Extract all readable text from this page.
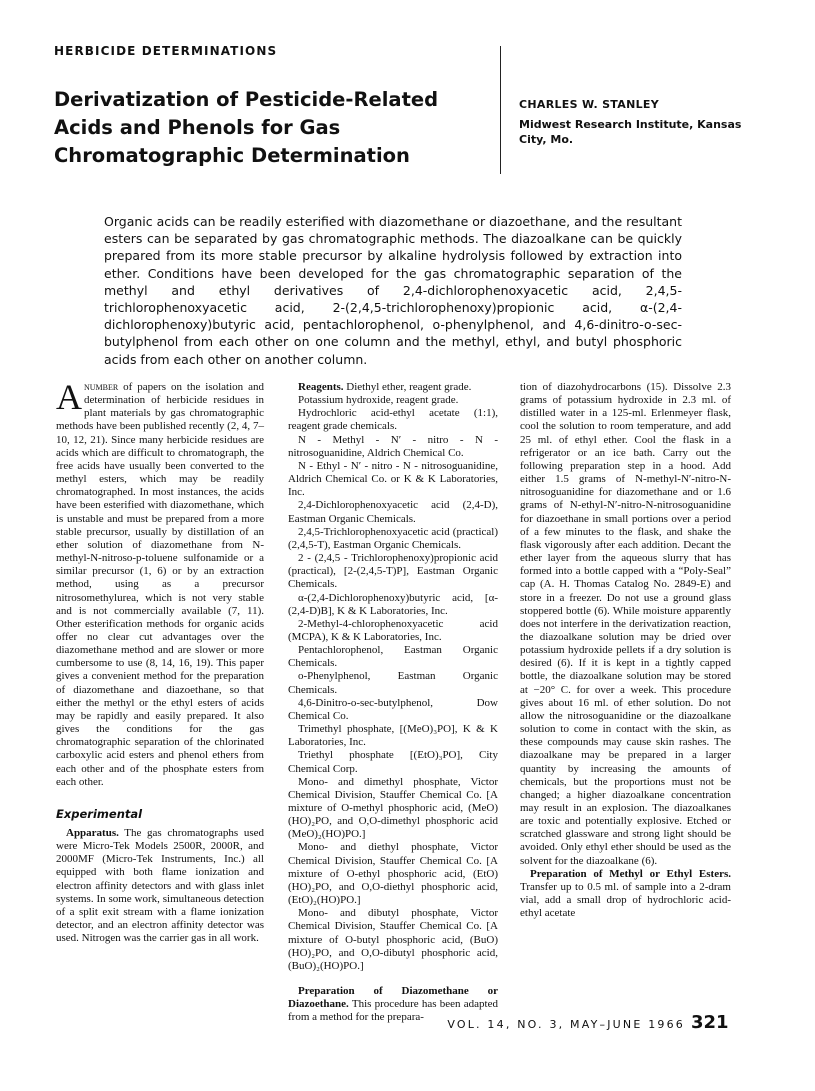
HERBICIDE DETERMINATIONS
Derivatization of Pesticide-Related Acids and Phenols for Gas Chromatographic Determination
CHARLES W. STANLEY
Midwest Research Institute, Kansas City, Mo.

Organic acids can be readily esterified with diazomethane or diazoethane, and the resultant esters can be separated by gas chromatographic methods. The diazoalkane can be quickly prepared from its more stable precursor by alkaline hydrolysis followed by extraction into ether. Conditions have been developed for the gas chromatographic separation of the methyl and ethyl derivatives of 2,4-dichlorophenoxyacetic acid, 2,4,5-trichlorophenoxyacetic acid, 2-(2,4,5-trichlorophenoxy)propionic acid, α-(2,4-dichlorophenoxy)butyric acid, pentachlorophenol, o-phenylphenol, and 4,6-dinitro-o-sec-butylphenol from each other on one column and the methyl, ethyl, and butyl phosphoric acids from each other on another column.

Anumber of papers on the isolation and determination of herbicide residues in plant materials by gas chromatographic methods have been published recently (2, 4, 7–10, 12, 21). Since many herbicide residues are acids which are difficult to chromatograph, the free acids have usually been converted to the methyl esters, which may be readily chromatographed. In most instances, the acids have been esterified with diazomethane, which is unstable and must be prepared from a more stable precursor, usually by distillation of an ether solution of diazomethane from N-methyl-N-nitroso-p-toluene sulfonamide or a similar precursor (1, 6) or by an extraction method, using as a precursor nitrosomethylurea, which is not very stable and is not commercially available (7, 11). Other esterification methods for organic acids offer no clear cut advantages over the diazomethane method and are slower or more cumbersome to use (8, 14, 16, 19). This paper gives a convenient method for the preparation of diazomethane and diazoethane, so that either the methyl or the ethyl esters of acids may be rapidly and easily prepared. It also gives the conditions for the gas chromatographic separation of the chlorinated carboxylic acid esters and phenol ethers from each other and of the phosphate esters from each other.

Experimental

Apparatus. The gas chromatographs used were Micro-Tek Models 2500R, 2000R, and 2000MF (Micro-Tek Instruments, Inc.) all equipped with both flame ionization and electron affinity detectors and with glass inlet systems. In some work, simultaneous detection of a split exit stream with a flame ionization detector, and an electron affinity detector was used. Nitrogen was the carrier gas in all work.

Reagents. Diethyl ether, reagent grade.

Potassium hydroxide, reagent grade.

Hydrochloric acid-ethyl acetate (1:1), reagent grade chemicals.

N - Methyl - N′ - nitro - N - nitrosoguanidine, Aldrich Chemical Co.

N - Ethyl - N′ - nitro - N - nitrosoguanidine, Aldrich Chemical Co. or K & K Laboratories, Inc.

2,4-Dichlorophenoxyacetic acid (2,4-D), Eastman Organic Chemicals.

2,4,5-Trichlorophenoxyacetic acid (practical) (2,4,5-T), Eastman Organic Chemicals.

2 - (2,4,5 - Trichlorophenoxy)propionic acid (practical), [2-(2,4,5-T)P], Eastman Organic Chemicals.

α-(2,4-Dichlorophenoxy)butyric acid, [α-(2,4-D)B], K & K Laboratories, Inc.

2-Methyl-4-chlorophenoxyacetic acid (MCPA), K & K Laboratories, Inc.

Pentachlorophenol, Eastman Organic Chemicals.

o-Phenylphenol, Eastman Organic Chemicals.

4,6-Dinitro-o-sec-butylphenol, Dow Chemical Co.

Trimethyl phosphate, [(MeO)₃PO], K & K Laboratories, Inc.

Triethyl phosphate [(EtO)₃PO], City Chemical Corp.

Mono- and dimethyl phosphate, Victor Chemical Division, Stauffer Chemical Co. [A mixture of O-methyl phosphoric acid, (MeO)(HO)₂PO, and O,O-dimethyl phosphoric acid (MeO)₂(HO)PO.]

Mono- and diethyl phosphate, Victor Chemical Division, Stauffer Chemical Co. [A mixture of O-ethyl phosphoric acid, (EtO)(HO)₂PO, and O,O-diethyl phosphoric acid, (EtO)₂(HO)PO.]

Mono- and dibutyl phosphate, Victor Chemical Division, Stauffer Chemical Co. [A mixture of O-butyl phosphoric acid, (BuO)(HO)₂PO, and O,O-dibutyl phosphoric acid, (BuO)₂(HO)PO.]

Preparation of Diazomethane or Diazoethane. This procedure has been adapted from a method for the prepara-

tion of diazohydrocarbons (15). Dissolve 2.3 grams of potassium hydroxide in 2.3 ml. of distilled water in a 125-ml. Erlenmeyer flask, cool the solution to room temperature, and add 25 ml. of ethyl ether. Cool the flask in a refrigerator or an ice bath. Carry out the following preparation step in a hood. Add either 1.5 grams of N-methyl-N′-nitro-N-nitrosoguanidine for diazomethane and or 1.6 grams of N-ethyl-N′-nitro-N-nitrosoguanidine for diazoethane in small portions over a period of a few minutes to the flask, and shake the flask vigorously after each addition. Decant the ether layer from the aqueous slurry that has formed into a bottle capped with a “Poly-Seal” cap (A. H. Thomas Catalog No. 2849-E) and store in a freezer. Do not use a ground glass stoppered bottle (6). While moisture apparently does not interfere in the derivatization reaction, the diazoalkane solution may be dried over potassium hydroxide pellets if a dry solution is desired (6). If it is kept in a tightly capped bottle, the diazoalkane solution may be stored at −20° C. for over a week. This procedure gives about 16 ml. of ether solution. Do not allow the nitrosoguanidine or the diazoalkane solution to come in contact with the skin, as these compounds may cause skin rashes. The diazoalkane may be prepared in a larger quantity by increasing the amounts of chemicals, but the proportions must not be changed; a higher diazoalkane concentration may result in an explosion. The diazoalkanes are toxic and potentially explosive. Etched or scratched glassware and strong light should be avoided. Only ethyl ether should be used as the solvent for the diazoalkane (6).

Preparation of Methyl or Ethyl Esters. Transfer up to 0.5 ml. of sample into a 2-dram vial, add a small drop of hydrochloric acid-ethyl acetate

VOL. 14, NO. 3, MAY–JUNE 1966 321
